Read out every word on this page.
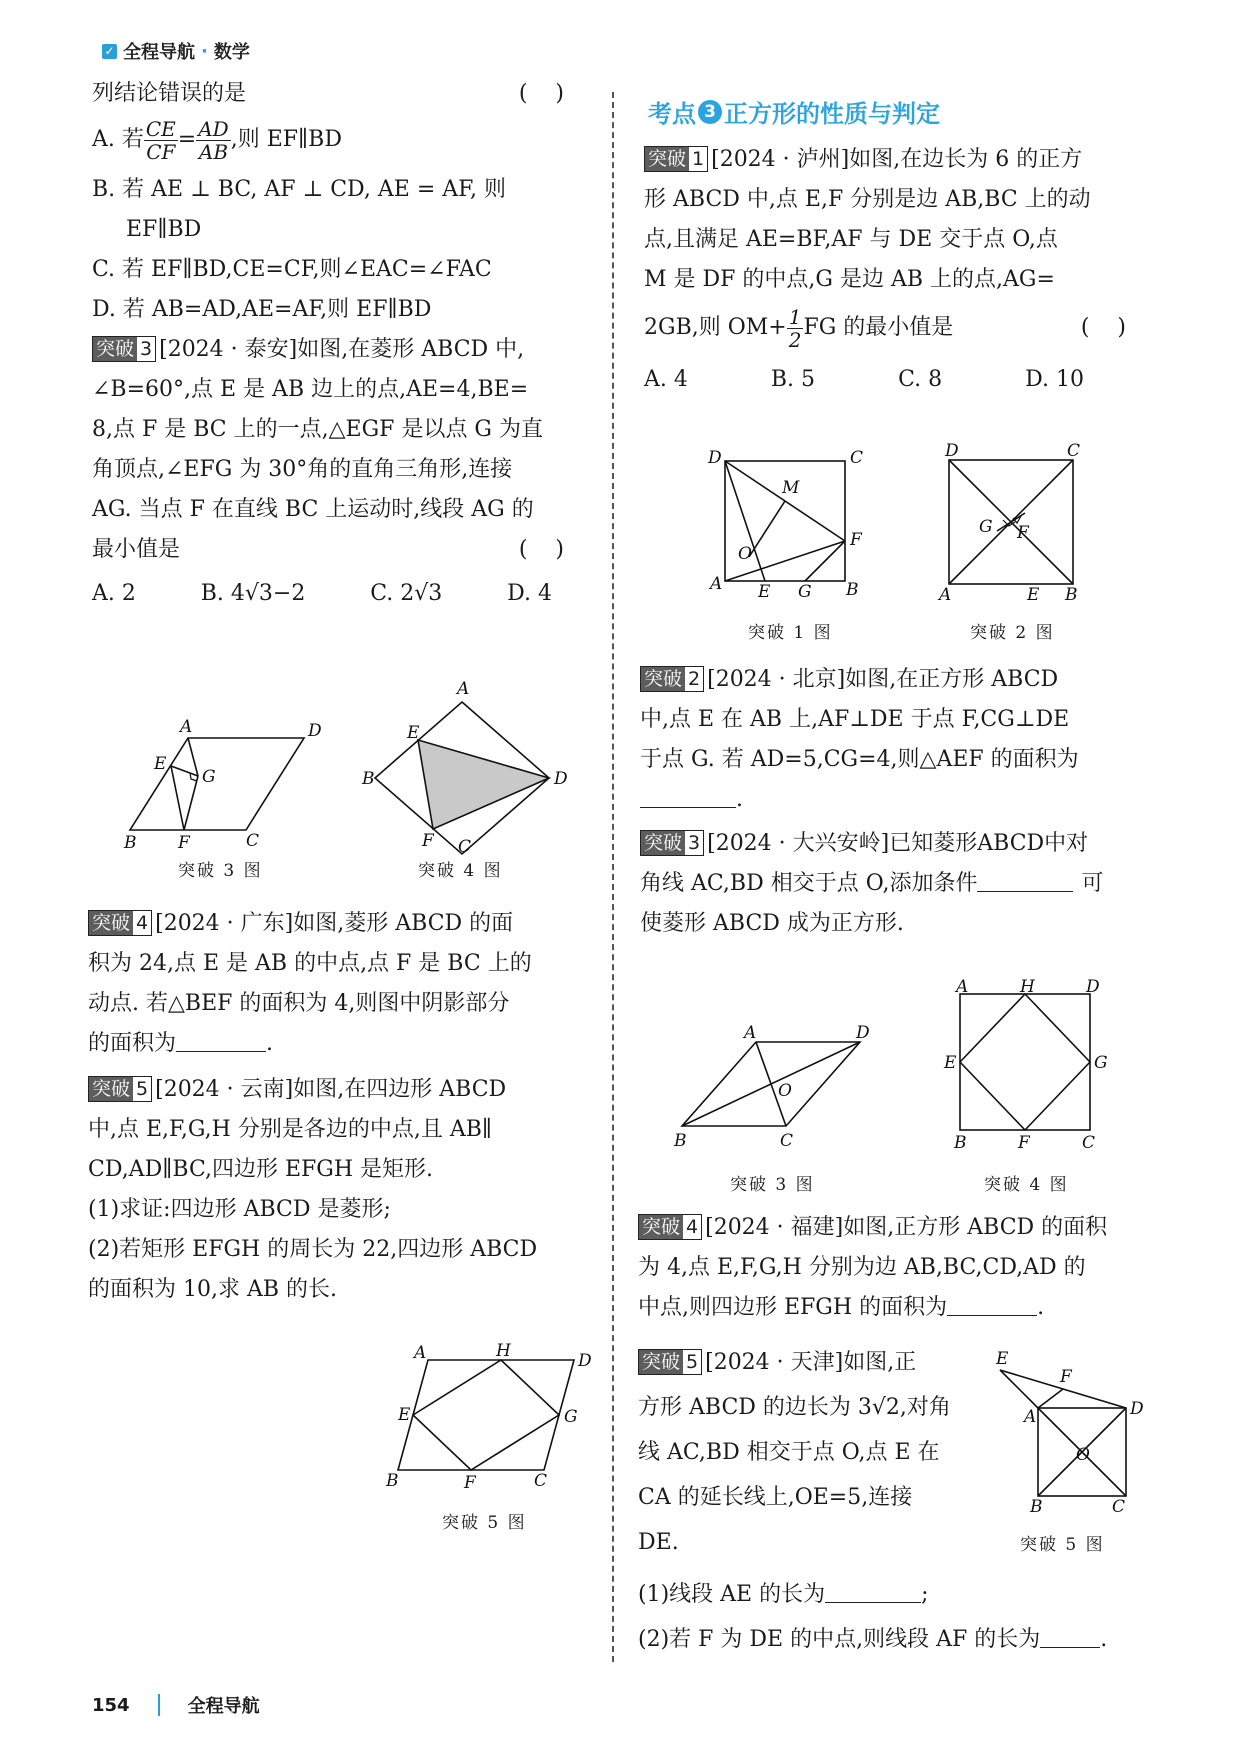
✓ 全程导航 · 数学

列结论错误的是	()

A. 若 $\frac{CE}{CF} = \frac{AD}{AB}$ ,则 EF∥BD

B. 若 AE ⊥ BC, AF ⊥ CD, AE = AF, 则

EF∥BD

C. 若 EF∥BD,CE=CF,则∠EAC=∠FAC

D. 若 AB=AD,AE=AF,则 EF∥BD

突破 3 [2024 · 泰安]如图,在菱形 ABCD 中,

∠B=60°,点 E 是 AB 边上的点,AE=4,BE=

8,点 F 是 BC 上的一点,△EGF 是以点 G 为直

角顶点,∠EFG 为 30°角的直角三角形,连接

AG. 当点 F 在直线 BC 上运动时,线段 AG 的

最小值是	()

A. 2	B. 4√3−2	C. 2√3	D. 4
A	D
E
G
B F	C
突破 3 图
A
E
B	D
F C
突破 4 图

突破 4 [2024 · 广东]如图,菱形 ABCD 的面

积为 24,点 E 是 AB 的中点,点 F 是 BC 上的

动点. 若△BEF 的面积为 4,则图中阴影部分

的面积为	.

突破 5 [2024 · 云南]如图,在四边形 ABCD

中,点 E,F,G,H 分别是各边的中点,且 AB∥

CD,AD∥BC,四边形 EFGH 是矩形.

(1)求证:四边形 ABCD 是菱形;

(2)若矩形 EFGH 的周长为 22,四边形 ABCD

的面积为 10,求 AB 的长.

A	H	D
E	G
B	F	C
突破 5 图
考点 3 正方形的性质与判定

突破 1 [2024 · 泸州]如图,在边长为 6 的正方

形 ABCD 中,点 E,F 分别是边 AB,BC 上的动

点,且满足 AE=BF,AF 与 DE 交于点 O,点

M 是 DF 的中点,G 是边 AB 上的点,AG=

2GB,则 $OM+ \frac{1}{2}$ FG 的最小值是	()

A. 4	B. 5	C. 8	D. 10
D	C
M
F
O
A E G B
突破 1 图
D	C
G F
A	E B
突破 2 图

突破 2 [2024 · 北京]如图,在正方形 ABCD

中,点 E 在 AB 上,AF⊥DE 于点 F,CG⊥DE

于点 G. 若 AD=5,CG=4,则△AEF 的面积为

.

突破 3 [2024 · 大兴安岭]已知菱形ABCD中对

角线 AC,BD 相交于点 O,添加条件	可

使菱形 ABCD 成为正方形.

A	D
O
B	C
突破 3 图
A	H	D
E	G
B	F	C
突破 4 图

突破 4 [2024 · 福建]如图,正方形 ABCD 的面积

为 4,点 E,F,G,H 分别为边 AB,BC,CD,AD 的

中点,则四边形 EFGH 的面积为	.

突破 5 [2024 · 天津]如图,正

方形 ABCD 的边长为 3√2,对角

线 AC,BD 相交于点 O,点 E 在

CA 的延长线上,OE=5,连接

DE.

E
F
A	D
O
B	C
突破 5 图

(1)线段 AE 的长为	;

(2)若 F 为 DE 的中点,则线段 AF 的长为	.

154	全程导航
